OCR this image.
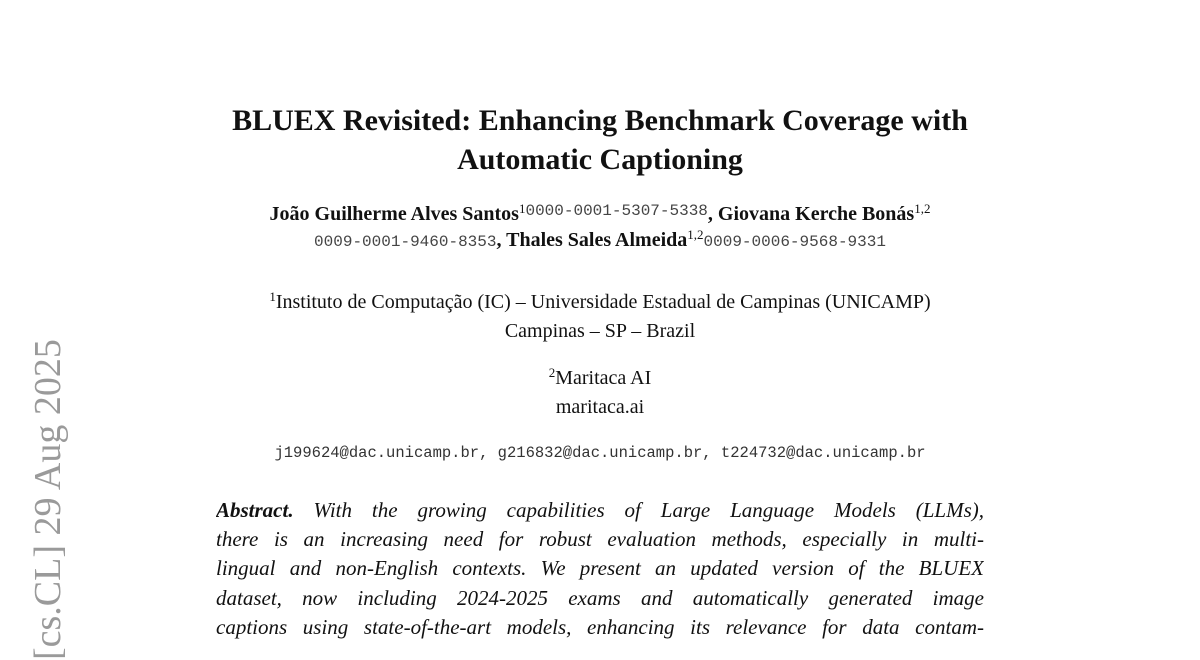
BLUEX Revisited: Enhancing Benchmark Coverage with
Automatic Captioning
João Guilherme Alves Santos$^{10000-0001-5307-5338}$, Giovana Kerche Bonás$^{1,2}$
0009-0001-9460-8353, Thales Sales Almeida$^{1,2}$0009-0006-9568-9331
$^1$Instituto de Computação (IC) – Universidade Estadual de Campinas (UNICAMP)
Campinas – SP – Brazil
$^2$Maritaca AI
maritaca.ai
j199624@dac.unicamp.br, g216832@dac.unicamp.br, t224732@dac.unicamp.br
Abstract. With the growing capabilities of Large Language Models (LLMs),
there is an increasing need for robust evaluation methods, especially in multi-
lingual and non-English contexts. We present an updated version of the BLUEX
dataset, now including 2024-2025 exams and automatically generated image
captions using state-of-the-art models, enhancing its relevance for data contam-
[cs.CL] 29 Aug 2025
